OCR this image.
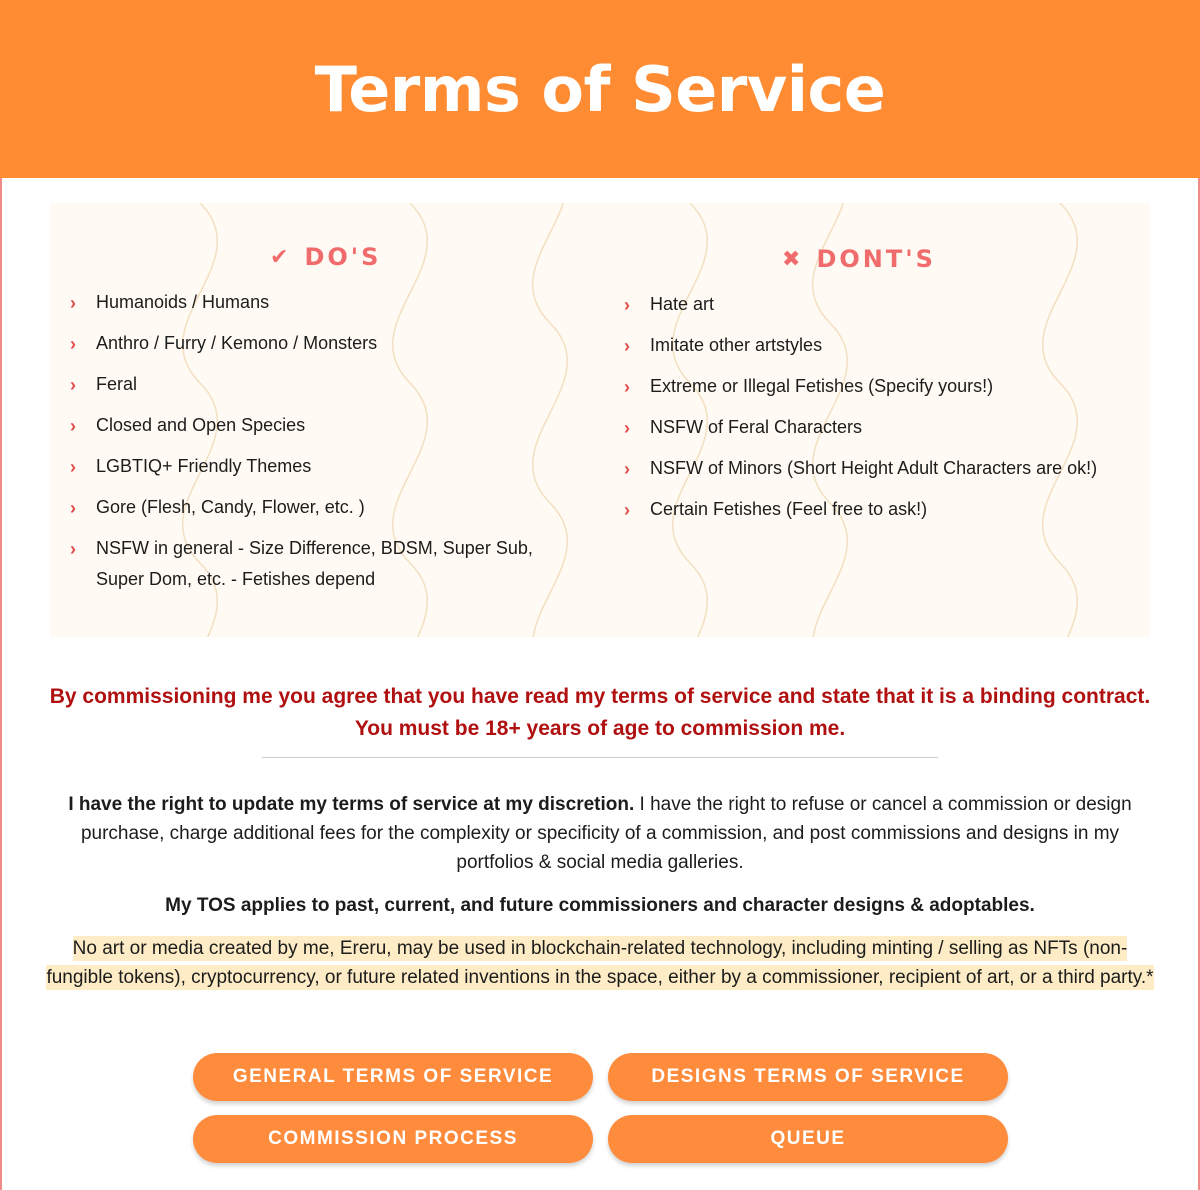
Terms of Service
✔ DO'S
› Humanoids / Humans
› Anthro / Furry / Kemono / Monsters
› Feral
› Closed and Open Species
› LGBTIQ+ Friendly Themes
› Gore (Flesh, Candy, Flower, etc. )
› NSFW in general - Size Difference, BDSM, Super Sub, Super Dom, etc. - Fetishes depend
✖ DONT'S
› Hate art
› Imitate other artstyles
› Extreme or Illegal Fetishes (Specify yours!)
› NSFW of Feral Characters
› NSFW of Minors (Short Height Adult Characters are ok!)
› Certain Fetishes (Feel free to ask!)

By commissioning me you agree that you have read my terms of service and state that it is a binding contract. You must be 18+ years of age to commission me.

I have the right to update my terms of service at my discretion. I have the right to refuse or cancel a commission or design purchase, charge additional fees for the complexity or specificity of a commission, and post commissions and designs in my portfolios & social media galleries.

My TOS applies to past, current, and future commissioners and character designs & adoptables.

No art or media created by me, Ereru, may be used in blockchain-related technology, including minting / selling as NFTs (non-fungible tokens), cryptocurrency, or future related inventions in the space, either by a commissioner, recipient of art, or a third party.*

GENERAL TERMS OF SERVICE	DESIGNS TERMS OF SERVICE
COMMISSION PROCESS	QUEUE
